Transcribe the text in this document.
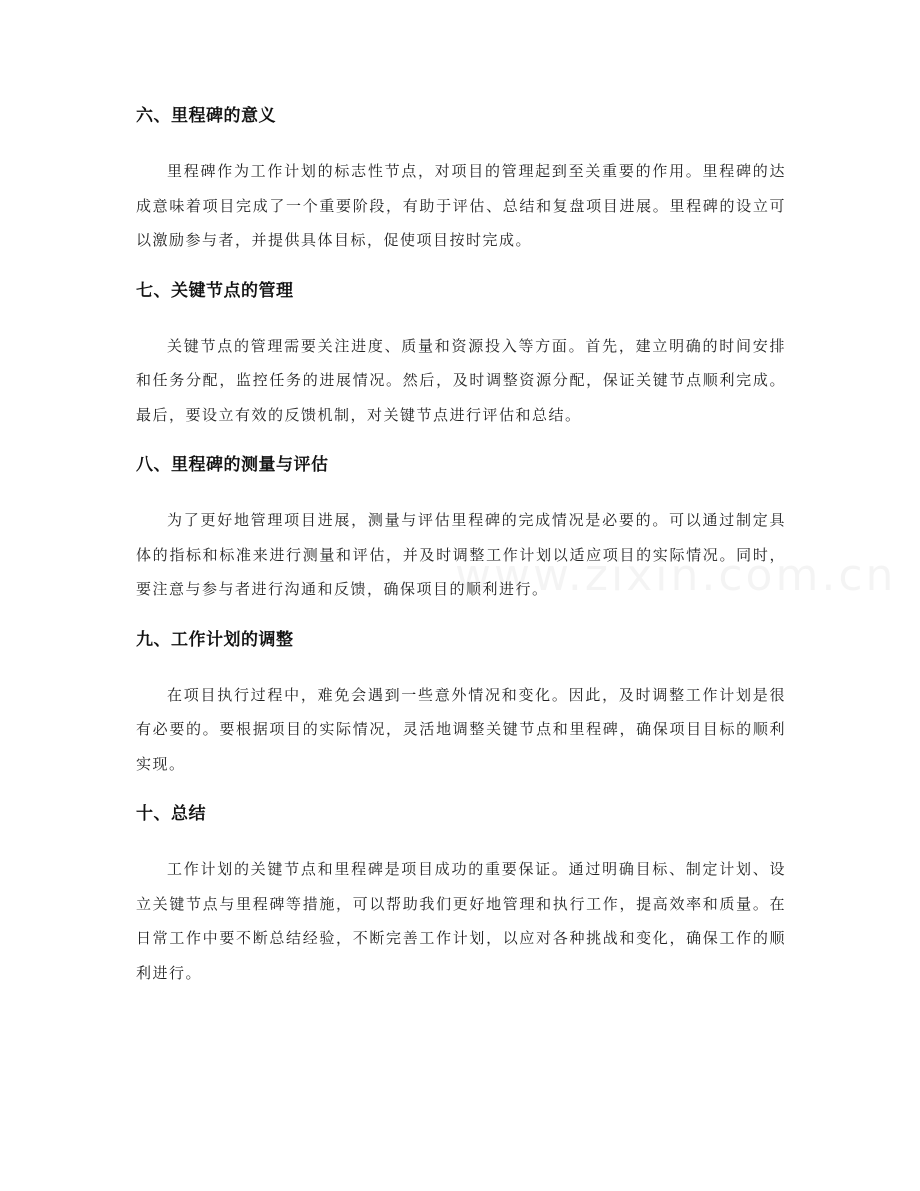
六、里程碑的意义

里程碑作为工作计划的标志性节点，对项目的管理起到至关重要的作用。里程碑的达成意味着项目完成了一个重要阶段，有助于评估、总结和复盘项目进展。里程碑的设立可以激励参与者，并提供具体目标，促使项目按时完成。

七、关键节点的管理

关键节点的管理需要关注进度、质量和资源投入等方面。首先，建立明确的时间安排和任务分配，监控任务的进展情况。然后，及时调整资源分配，保证关键节点顺利完成。最后，要设立有效的反馈机制，对关键节点进行评估和总结。

八、里程碑的测量与评估

为了更好地管理项目进展，测量与评估里程碑的完成情况是必要的。可以通过制定具体的指标和标准来进行测量和评估，并及时调整工作计划以适应项目的实际情况。同时，要注意与参与者进行沟通和反馈，确保项目的顺利进行。

九、工作计划的调整

在项目执行过程中，难免会遇到一些意外情况和变化。因此，及时调整工作计划是很有必要的。要根据项目的实际情况，灵活地调整关键节点和里程碑，确保项目目标的顺利实现。

十、总结

工作计划的关键节点和里程碑是项目成功的重要保证。通过明确目标、制定计划、设立关键节点与里程碑等措施，可以帮助我们更好地管理和执行工作，提高效率和质量。在日常工作中要不断总结经验，不断完善工作计划，以应对各种挑战和变化，确保工作的顺利进行。
